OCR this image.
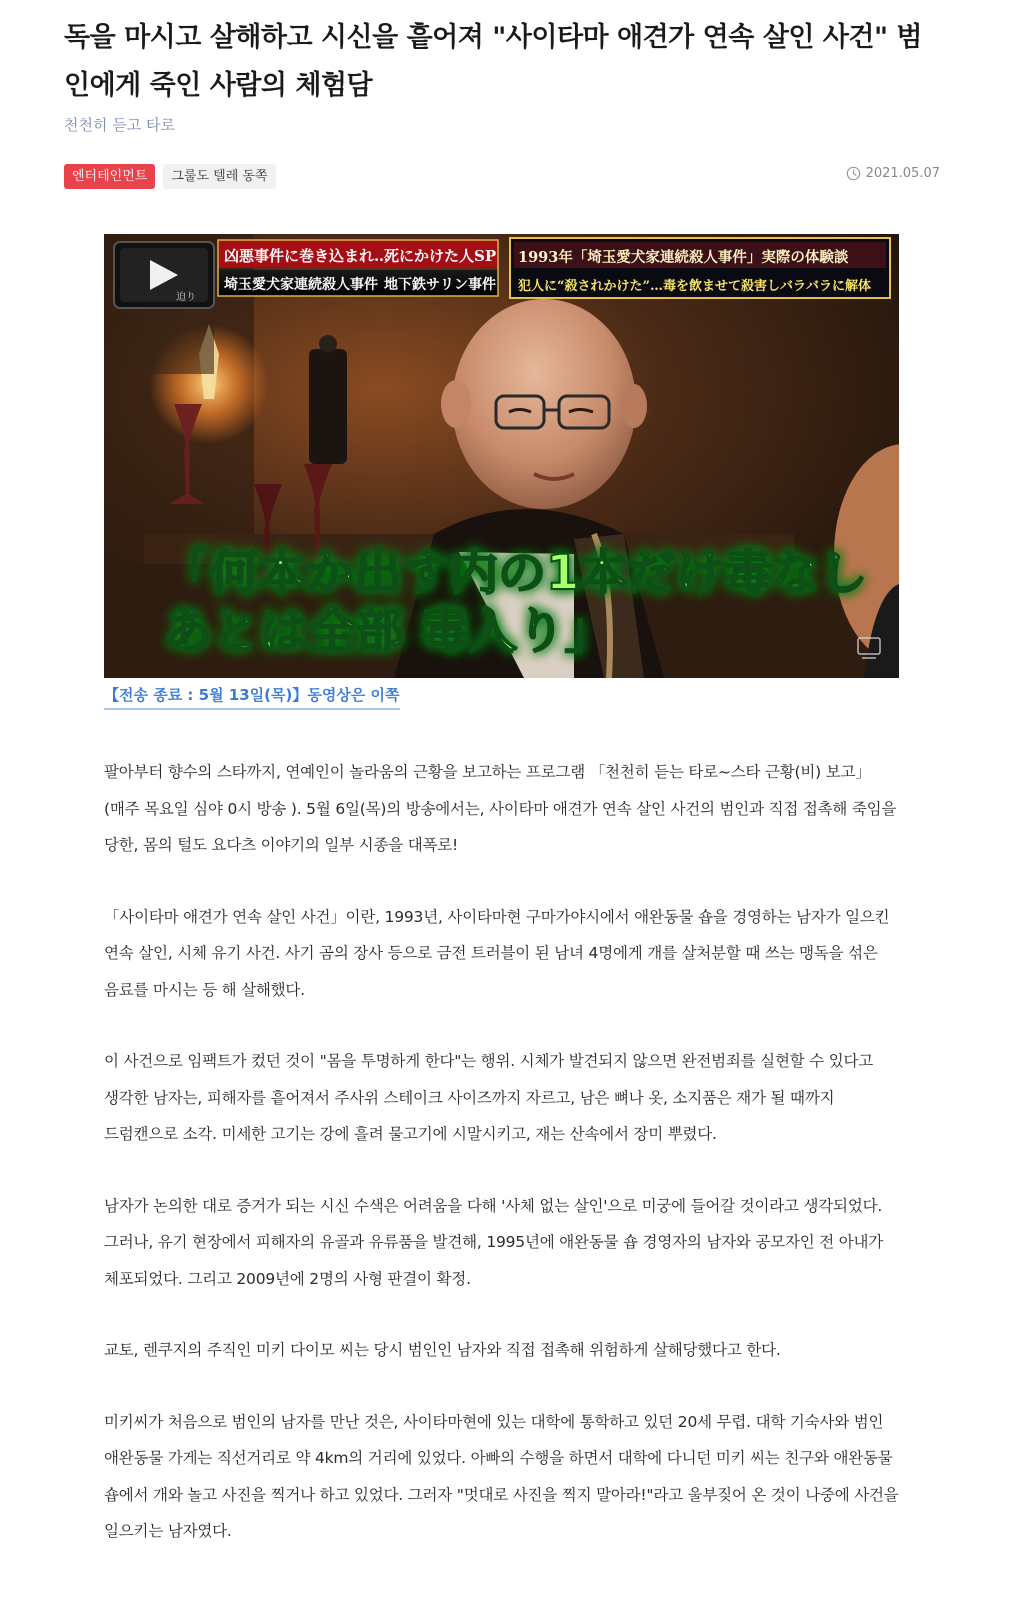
독을 마시고 살해하고 시신을 흩어져 "사이타마 애견가 연속 살인 사건" 범인에게 죽인 사람의 체험담
천천히 듣고 타로
엔터테인먼트	그룰도 텔레 동쪽	2021.05.07
迫り
凶悪事件に巻き込まれ…
死にかけた人SP
埼玉愛犬家連続殺人事件 地下鉄サリン事件
1993年「埼玉愛犬家連続殺人事件」実際の体験談
犯人に“殺されかけた”…毒を飲ませて殺害しバラバラに解体
「何本か出す内の1本だけ毒なし
あとは全部 毒入り」
【전송 종료 : 5월 13일(목)】동영상은 이쪽

팔아부터 향수의 스타까지, 연예인이 놀라움의 근황을 보고하는 프로그램 「천천히 듣는 타로~스타 근황(비) 보고」(매주 목요일 심야 0시 방송 ). 5월 6일(목)의 방송에서는, 사이타마 애견가 연속 살인 사건의 범인과 직접 접촉해 죽임을 당한, 몸의 털도 요다츠 이야기의 일부 시종을 대폭로!

「사이타마 애견가 연속 살인 사건」이란, 1993년, 사이타마현 구마가야시에서 애완동물 숍을 경영하는 남자가 일으킨 연속 살인, 시체 유기 사건. 사기 곰의 장사 등으로 금전 트러블이 된 남녀 4명에게 개를 살처분할 때 쓰는 맹독을 섞은 음료를 마시는 등 해 살해했다.

이 사건으로 임팩트가 컸던 것이 "몸을 투명하게 한다"는 행위. 시체가 발견되지 않으면 완전범죄를 실현할 수 있다고 생각한 남자는, 피해자를 흩어져서 주사위 스테이크 사이즈까지 자르고, 남은 뼈나 옷, 소지품은 재가 될 때까지 드럼캔으로 소각. 미세한 고기는 강에 흘려 물고기에 시말시키고, 재는 산속에서 장미 뿌렸다.

남자가 논의한 대로 증거가 되는 시신 수색은 어려움을 다해 '사체 없는 살인'으로 미궁에 들어갈 것이라고 생각되었다. 그러나, 유기 현장에서 피해자의 유골과 유류품을 발견해, 1995년에 애완동물 숍 경영자의 남자와 공모자인 전 아내가 체포되었다. 그리고 2009년에 2명의 사형 판결이 확정.

교토, 렌쿠지의 주직인 미키 다이모 씨는 당시 범인인 남자와 직접 접촉해 위험하게 살해당했다고 한다.

미키씨가 처음으로 범인의 남자를 만난 것은, 사이타마현에 있는 대학에 통학하고 있던 20세 무렵. 대학 기숙사와 범인 애완동물 가게는 직선거리로 약 4km의 거리에 있었다. 아빠의 수행을 하면서 대학에 다니던 미키 씨는 친구와 애완동물 숍에서 개와 놀고 사진을 찍거나 하고 있었다. 그러자 "멋대로 사진을 찍지 말아라!"라고 울부짖어 온 것이 나중에 사건을 일으키는 남자였다.
